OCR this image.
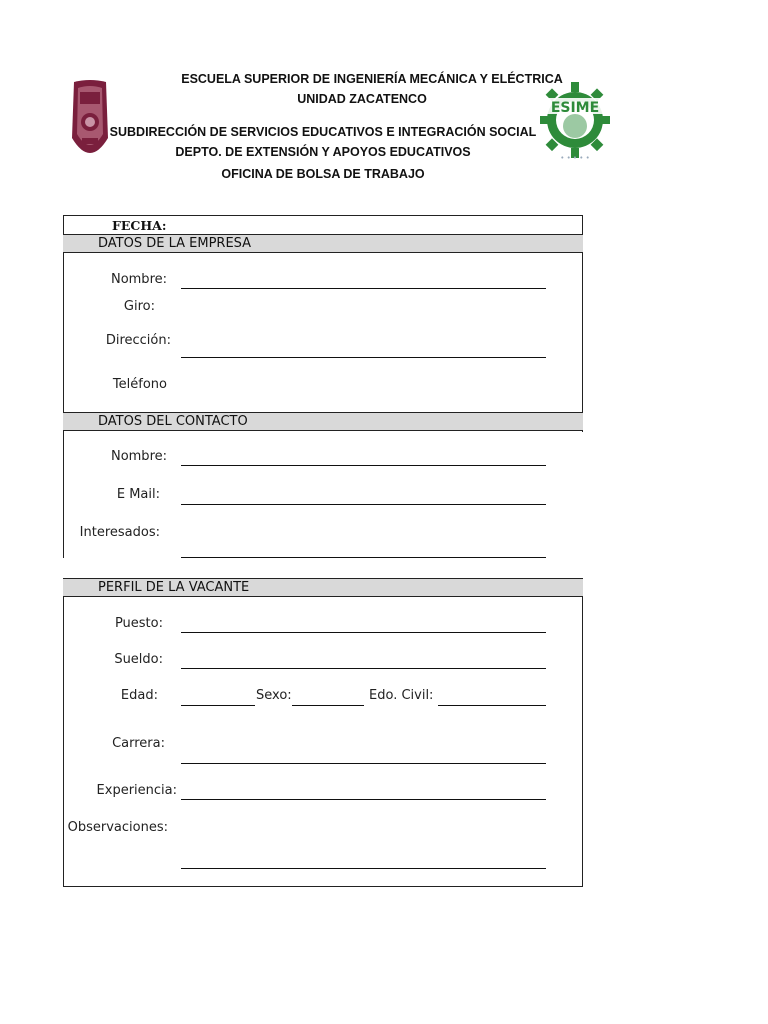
ESCUELA SUPERIOR DE INGENIERÍA MECÁNICA Y ELÉCTRICA
UNIDAD ZACATENCO
SUBDIRECCIÓN DE SERVICIOS EDUCATIVOS E INTEGRACIÓN SOCIAL
DEPTO. DE EXTENSIÓN Y APOYOS EDUCATIVOS
OFICINA DE BOLSA DE TRABAJO
ESIME
• • • • •
FECHA:
DATOS DE LA EMPRESA
Nombre:
Giro:
Dirección:
Teléfono
DATOS DEL CONTACTO
Nombre:
E Mail:
Interesados:
PERFIL DE LA VACANTE
Puesto:
Sueldo:
Edad:	Sexo:	Edo. Civil:
Carrera:
Experiencia:
Observaciones:
